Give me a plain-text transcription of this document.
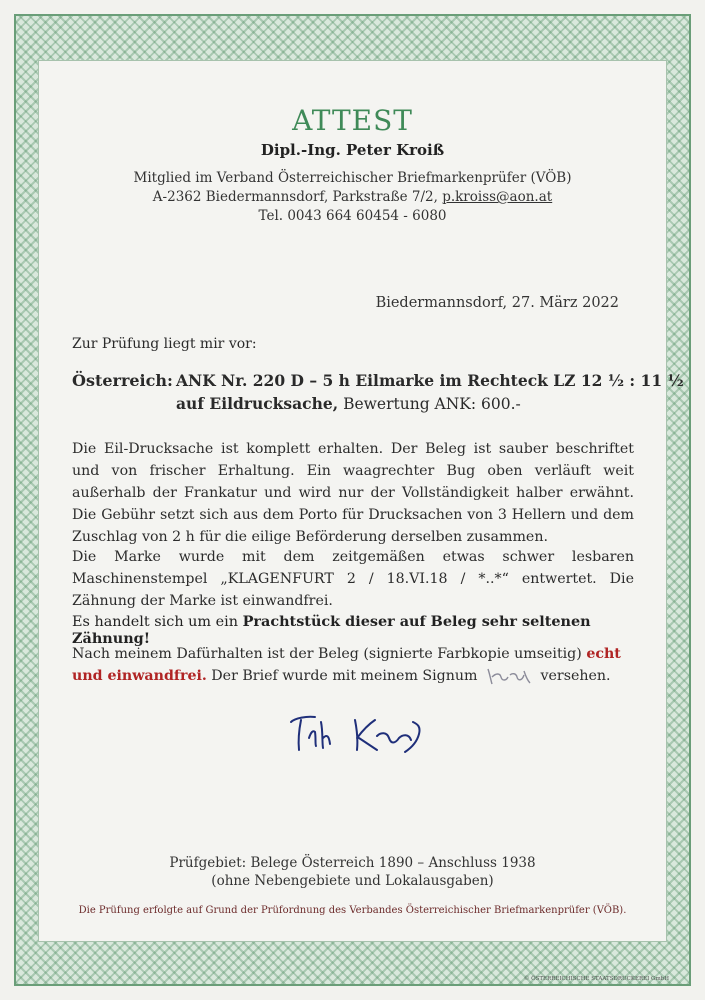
ATTEST
Dipl.-Ing. Peter Kroiß
Mitglied im Verband Österreichischer Briefmarkenprüfer (VÖB)
A-2362 Biedermannsdorf, Parkstraße 7/2, p.kroiss@aon.at
Tel. 0043 664 60454 - 6080
Biedermannsdorf, 27. März 2022
Zur Prüfung liegt mir vor:
Österreich: ANK Nr. 220 D – 5 h Eilmarke im Rechteck LZ 12 ½ : 11 ½
auf Eildrucksache, Bewertung ANK: 600.-
Die Eil-Drucksache ist komplett erhalten. Der Beleg ist sauber beschriftet und von frischer Erhaltung. Ein waagrechter Bug oben verläuft weit außerhalb der Frankatur und wird nur der Vollständigkeit halber erwähnt. Die Gebühr setzt sich aus dem Porto für Drucksachen von 3 Hellern und dem Zuschlag von 2 h für die eilige Beförderung derselben zusammen.
Die Marke wurde mit dem zeitgemäßen etwas schwer lesbaren Maschinenstempel „KLAGENFURT 2 / 18.VI.18 / *..*“ entwertet. Die Zähnung der Marke ist einwandfrei.
Es handelt sich um ein Prachtstück dieser auf Beleg sehr seltenen Zähnung!
Nach meinem Dafürhalten ist der Beleg (signierte Farbkopie umseitig) echt
und einwandfrei. Der Brief wurde mit meinem Signum	versehen.
Prüfgebiet: Belege Österreich 1890 – Anschluss 1938
(ohne Nebengebiete und Lokalausgaben)
Die Prüfung erfolgte auf Grund der Prüfordnung des Verbandes Österreichischer Briefmarkenprüfer (VÖB).
© ÖSTERREICHISCHE STAATSDRUCKEREI GmbH
